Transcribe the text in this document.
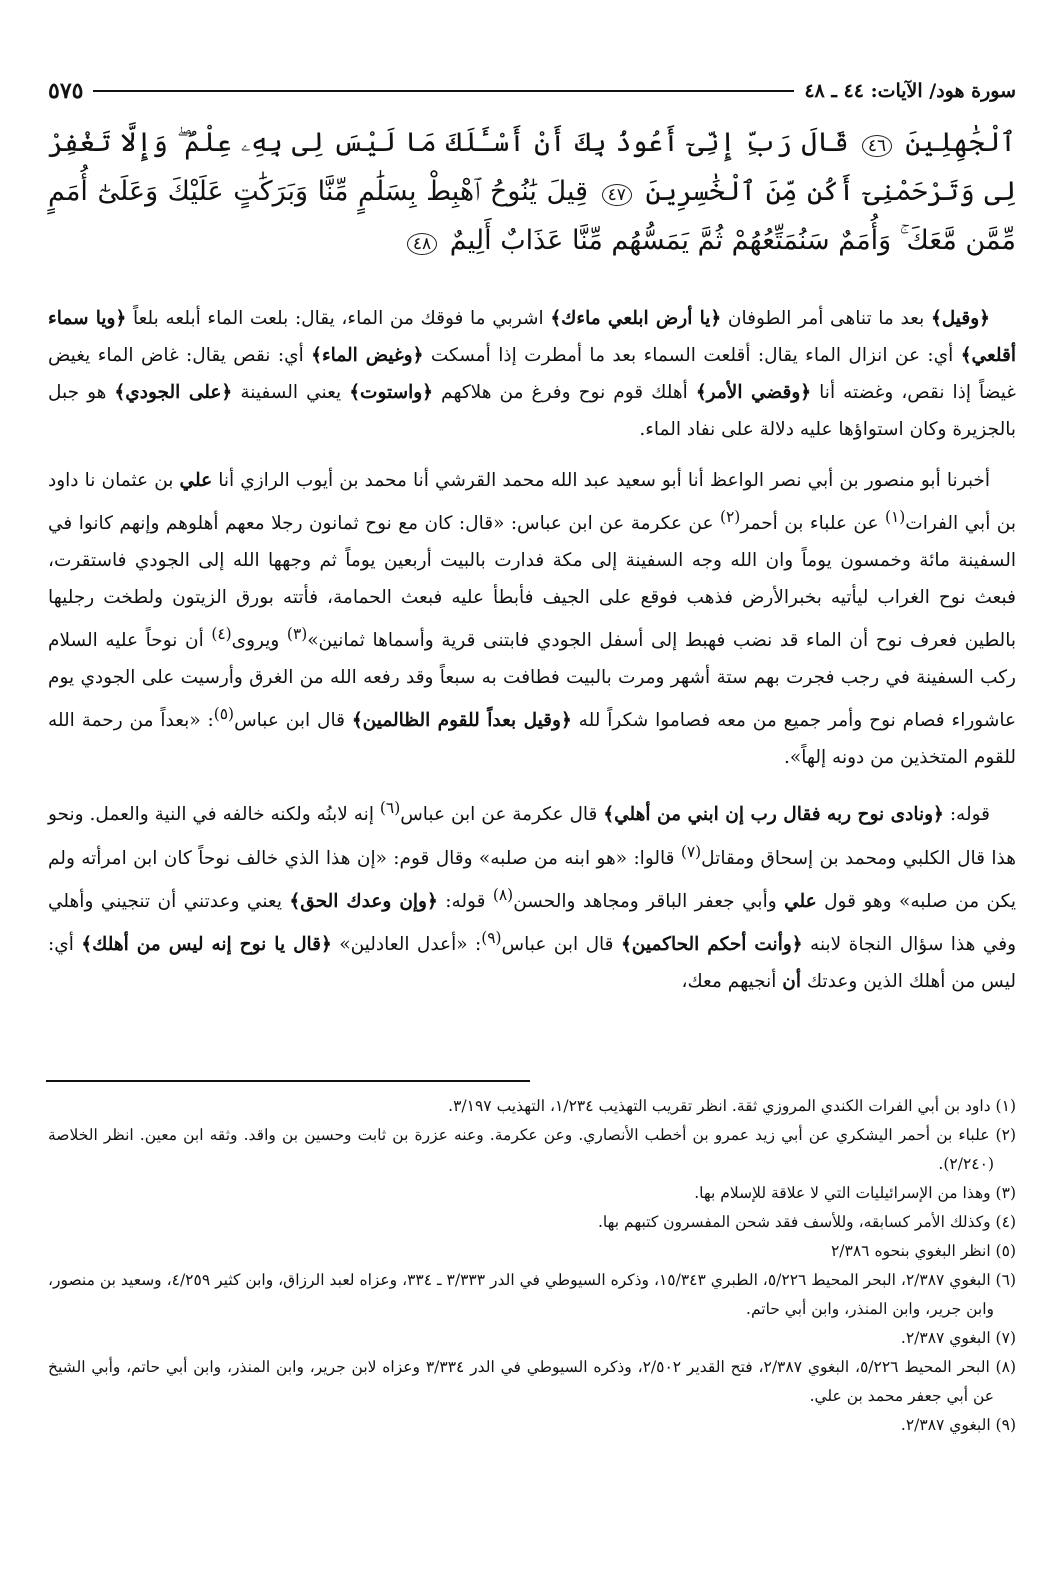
سورة هود/ الآيات: ٤٤ ـ ٤٨
٥٧٥
ٱلْجَٰهِلِينَ ٤٦ قَالَ رَبِّ إِنِّىٓ أَعُوذُ بِكَ أَنْ أَسْـَٔلَكَ مَا لَيْسَ لِى بِهِۦ عِلْمٌ ۖ وَإِلَّا تَغْفِرْ لِى وَتَرْحَمْنِىٓ أَكُن مِّنَ ٱلْخَٰسِرِينَ ٤٧ قِيلَ يَٰنُوحُ ٱهْبِطْ بِسَلَٰمٍ مِّنَّا وَبَرَكَٰتٍ عَلَيْكَ وَعَلَىٰٓ أُمَمٍ مِّمَّن مَّعَكَ ۚ وَأُمَمٌ سَنُمَتِّعُهُمْ ثُمَّ يَمَسُّهُم مِّنَّا عَذَابٌ أَلِيمٌ ٤٨

﴿وقيل﴾ بعد ما تناهى أمر الطوفان ﴿يا أرض ابلعي ماءك﴾ اشربي ما فوقك من الماء، يقال: بلعت الماء أبلعه بلعاً ﴿ويا سماء أقلعي﴾ أي: عن انزال الماء يقال: أقلعت السماء بعد ما أمطرت إذا أمسكت ﴿وغيض الماء﴾ أي: نقص يقال: غاض الماء يغيض غيضاً إذا نقص، وغضته أنا ﴿وقضي الأمر﴾ أهلك قوم نوح وفرغ من هلاكهم ﴿واستوت﴾ يعني السفينة ﴿على الجودي﴾ هو جبل بالجزيرة وكان استواؤها عليه دلالة على نفاد الماء.

أخبرنا أبو منصور بن أبي نصر الواعظ أنا أبو سعيد عبد الله محمد القرشي أنا محمد بن أيوب الرازي أنا علي بن عثمان نا داود بن أبي الفرات$^{(١)}$ عن علباء بن أحمر$^{(٢)}$ عن عكرمة عن ابن عباس: «قال: كان مع نوح ثمانون رجلا معهم أهلوهم وإنهم كانوا في السفينة مائة وخمسون يوماً وان الله وجه السفينة إلى مكة فدارت بالبيت أربعين يوماً ثم وجهها الله إلى الجودي فاستقرت، فبعث نوح الغراب ليأتيه بخبرالأرض فذهب فوقع على الجيف فأبطأ عليه فبعث الحمامة، فأتته بورق الزيتون ولطخت رجليها بالطين فعرف نوح أن الماء قد نضب فهبط إلى أسفل الجودي فابتنى قرية وأسماها ثمانين»$^{(٣)}$ ويروى$^{(٤)}$ أن نوحاً عليه السلام ركب السفينة في رجب فجرت بهم ستة أشهر ومرت بالبيت فطافت به سبعاً وقد رفعه الله من الغرق وأرسيت على الجودي يوم عاشوراء فصام نوح وأمر جميع من معه فصاموا شكراً لله ﴿وقيل بعداً للقوم الظالمين﴾ قال ابن عباس$^{(٥)}$: «بعداً من رحمة الله للقوم المتخذين من دونه إلهاً».

قوله: ﴿ونادى نوح ربه فقال رب إن ابني من أهلي﴾ قال عكرمة عن ابن عباس$^{(٦)}$ إنه لابنُه ولكنه خالفه في النية والعمل. ونحو هذا قال الكلبي ومحمد بن إسحاق ومقاتل$^{(٧)}$ قالوا: «هو ابنه من صلبه» وقال قوم: «إن هذا الذي خالف نوحاً كان ابن امرأته ولم يكن من صلبه» وهو قول علي وأبي جعفر الباقر ومجاهد والحسن$^{(٨)}$ قوله: ﴿وإن وعدك الحق﴾ يعني وعدتني أن تنجيني وأهلي وفي هذا سؤال النجاة لابنه ﴿وأنت أحكم الحاكمين﴾ قال ابن عباس$^{(٩)}$: «أعدل العادلين» ﴿قال يا نوح إنه ليس من أهلك﴾ أي: ليس من أهلك الذين وعدتك أن أنجيهم معك،

(١) داود بن أبي الفرات الكندي المروزي ثقة. انظر تقريب التهذيب ١/٢٣٤، التهذيب ٣/١٩٧.
(٢) علباء بن أحمر اليشكري عن أبي زيد عمرو بن أخطب الأنصاري. وعن عكرمة. وعنه عزرة بن ثابت وحسين بن واقد. وثقه ابن معين. انظر الخلاصة (٢/٢٤٠).
(٣) وهذا من الإسرائيليات التي لا علاقة للإسلام بها.
(٤) وكذلك الأمر كسابقه، وللأسف فقد شحن المفسرون كتبهم بها.
(٥) انظر البغوي بنحوه ٢/٣٨٦
(٦) البغوي ٢/٣٨٧، البحر المحيط ٥/٢٢٦، الطبري ١٥/٣٤٣، وذكره السيوطي في الدر ٣/٣٣٣ ـ ٣٣٤، وعزاه لعبد الرزاق، وابن كثير ٤/٢٥٩، وسعيد بن منصور، وابن جرير، وابن المنذر، وابن أبي حاتم.
(٧) البغوي ٢/٣٨٧.
(٨) البحر المحيط ٥/٢٢٦، البغوي ٢/٣٨٧، فتح القدير ٢/٥٠٢، وذكره السيوطي في الدر ٣/٣٣٤ وعزاه لابن جرير، وابن المنذر، وابن أبي حاتم، وأبي الشيخ عن أبي جعفر محمد بن علي.
(٩) البغوي ٢/٣٨٧.
